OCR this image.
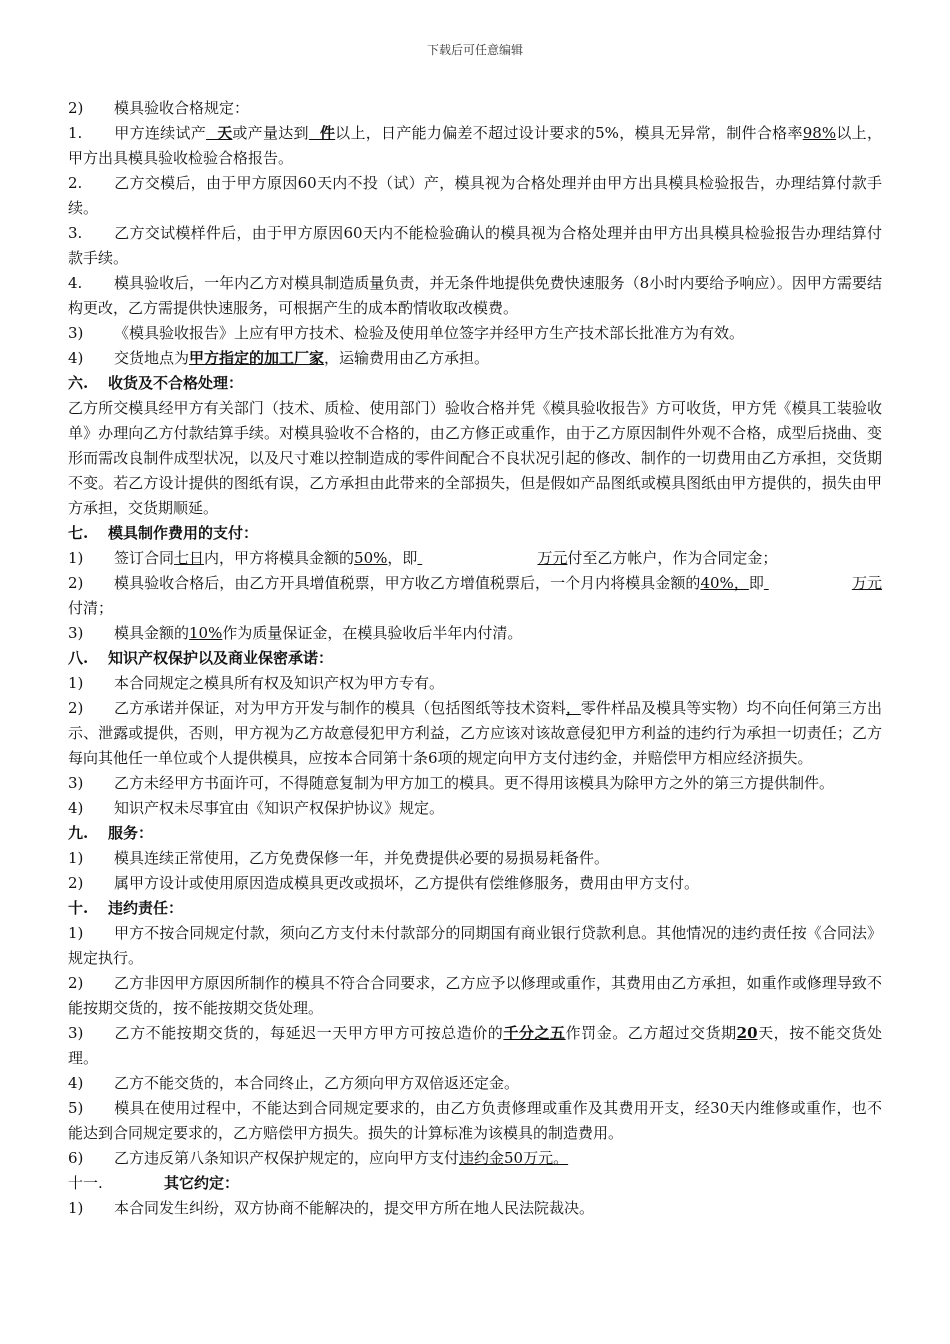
下载后可任意编辑

2) 模具验收合格规定：

1. 甲方连续试产  天或产量达到  件以上，日产能力偏差不超过设计要求的5%，模具无异常，制件合格率98%以上，甲方出具模具验收检验合格报告。

2. 乙方交模后，由于甲方原因60天内不投（试）产，模具视为合格处理并由甲方出具模具检验报告，办理结算付款手续。

3. 乙方交试模样件后，由于甲方原因60天内不能检验确认的模具视为合格处理并由甲方出具模具检验报告办理结算付款手续。

4. 模具验收后，一年内乙方对模具制造质量负责，并无条件地提供免费快速服务（8小时内要给予响应）。因甲方需要结构更改，乙方需提供快速服务，可根据产生的成本酌情收取改模费。

3) 《模具验收报告》上应有甲方技术、检验及使用单位签字并经甲方生产技术部长批准方为有效。

4) 交货地点为甲方指定的加工厂家，运输费用由乙方承担。

六. 收货及不合格处理：

乙方所交模具经甲方有关部门（技术、质检、使用部门）验收合格并凭《模具验收报告》方可收货，甲方凭《模具工装验收单》办理向乙方付款结算手续。对模具验收不合格的，由乙方修正或重作，由于乙方原因制件外观不合格，成型后挠曲、变形而需改良制件成型状况，以及尺寸难以控制造成的零件间配合不良状况引起的修改、制作的一切费用由乙方承担，交货期不变。若乙方设计提供的图纸有误，乙方承担由此带来的全部损失，但是假如产品图纸或模具图纸由甲方提供的，损失由甲方承担，交货期顺延。

七. 模具制作费用的支付：

1) 签订合同七日内，甲方将模具金额的50%，即	万元付至乙方帐户，作为合同定金；

2) 模具验收合格后，由乙方开具增值税票，甲方收乙方增值税票后，一个月内将模具金额的40%，即	万元付清；

3) 模具金额的10%作为质量保证金，在模具验收后半年内付清。

八. 知识产权保护以及商业保密承诺：

1) 本合同规定之模具所有权及知识产权为甲方专有。

2) 乙方承诺并保证，对为甲方开发与制作的模具（包括图纸等技术资料，零件样品及模具等实物）均不向任何第三方出示、泄露或提供，否则，甲方视为乙方故意侵犯甲方利益，乙方应该对该故意侵犯甲方利益的违约行为承担一切责任；乙方每向其他任一单位或个人提供模具，应按本合同第十条6项的规定向甲方支付违约金，并赔偿甲方相应经济损失。

3) 乙方未经甲方书面许可，不得随意复制为甲方加工的模具。更不得用该模具为除甲方之外的第三方提供制件。

4) 知识产权未尽事宜由《知识产权保护协议》规定。

九. 服务：

1) 模具连续正常使用，乙方免费保修一年，并免费提供必要的易损易耗备件。

2) 属甲方设计或使用原因造成模具更改或损坏，乙方提供有偿维修服务，费用由甲方支付。

十. 违约责任：

1) 甲方不按合同规定付款，须向乙方支付未付款部分的同期国有商业银行贷款利息。其他情况的违约责任按《合同法》规定执行。

2) 乙方非因甲方原因所制作的模具不符合合同要求，乙方应予以修理或重作，其费用由乙方承担，如重作或修理导致不能按期交货的，按不能按期交货处理。

3) 乙方不能按期交货的，每延迟一天甲方甲方可按总造价的千分之五作罚金。乙方超过交货期20天，按不能交货处理。

4) 乙方不能交货的，本合同终止，乙方须向甲方双倍返还定金。

5) 模具在使用过程中，不能达到合同规定要求的，由乙方负责修理或重作及其费用开支，经30天内维修或重作，也不能达到合同规定要求的，乙方赔偿甲方损失。损失的计算标准为该模具的制造费用。

6) 乙方违反第八条知识产权保护规定的，应向甲方支付违约金50万元。

十一.	其它约定：

1) 本合同发生纠纷，双方协商不能解决的，提交甲方所在地人民法院裁决。
